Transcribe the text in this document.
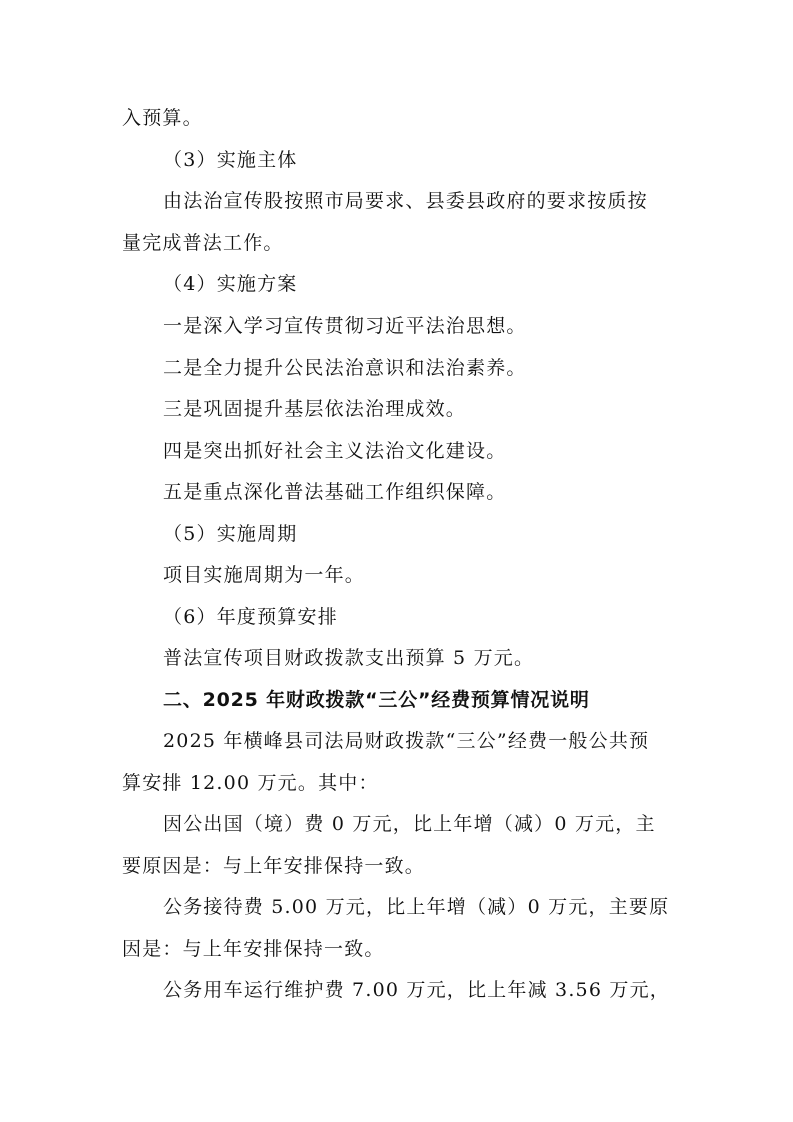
入预算。
（3）实施主体
由法治宣传股按照市局要求、县委县政府的要求按质按
量完成普法工作。
（4）实施方案
一是深入学习宣传贯彻习近平法治思想。
二是全力提升公民法治意识和法治素养。
三是巩固提升基层依法治理成效。
四是突出抓好社会主义法治文化建设。
五是重点深化普法基础工作组织保障。
（5）实施周期
项目实施周期为一年。
（6）年度预算安排
普法宣传项目财政拨款支出预算 5 万元。
二、2025 年财政拨款“三公”经费预算情况说明
2025 年横峰县司法局财政拨款“三公”经费一般公共预
算安排 12.00 万元。其中：
因公出国（境）费 0 万元，比上年增（减）0 万元，主
要原因是：与上年安排保持一致。
公务接待费 5.00 万元，比上年增（减）0 万元，主要原
因是：与上年安排保持一致。
公务用车运行维护费 7.00 万元，比上年减 3.56 万元，
